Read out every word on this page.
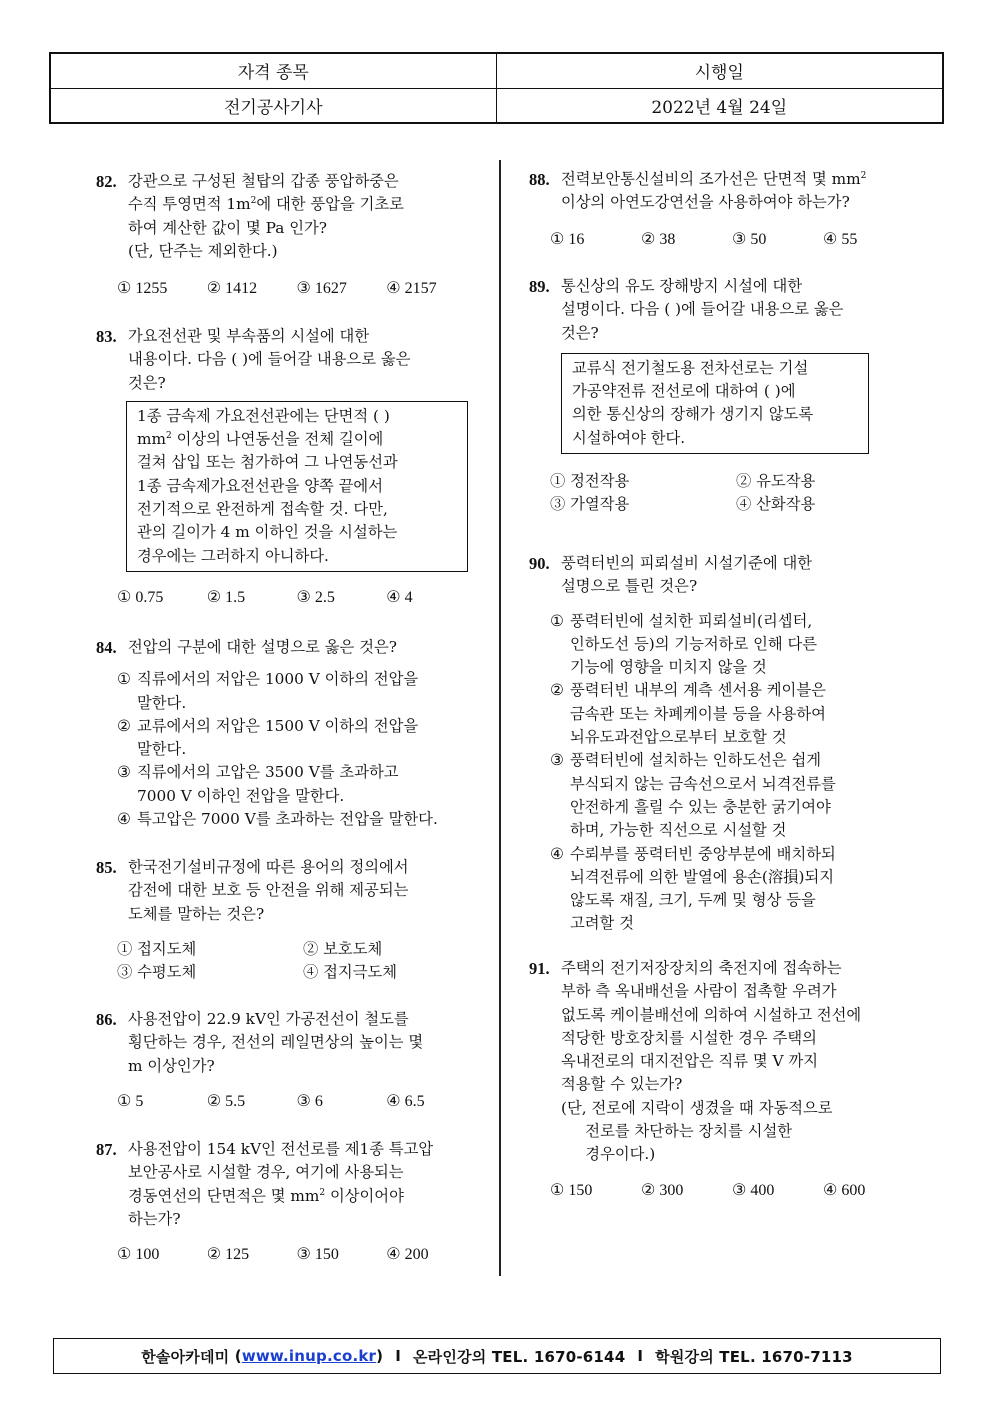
자격 종목	시행일
전기공사기사	2022년 4월 24일
82. 강관으로 구성된 철탑의 갑종 풍압하중은
수직 투영면적 $1m^2$에 대한 풍압을 기초로
하여 계산한 값이 몇 Pa 인가?
(단, 단주는 제외한다.)
① 1255	② 1412	③ 1627	④ 2157
83. 가요전선관 및 부속품의 시설에 대한
내용이다. 다음 ( )에 들어갈 내용으로 옳은
것은?
1종 금속제 가요전선관에는 단면적 ( )
$mm^2$ 이상의 나연동선을 전체 길이에
걸쳐 삽입 또는 첨가하여 그 나연동선과
1종 금속제가요전선관을 양쪽 끝에서
전기적으로 완전하게 접속할 것. 다만,
관의 길이가 4 m 이하인 것을 시설하는
경우에는 그러하지 아니하다.
① 0.75	② 1.5	③ 2.5	④ 4
84. 전압의 구분에 대한 설명으로 옳은 것은?
① 직류에서의 저압은 1000 V 이하의 전압을
말한다.
② 교류에서의 저압은 1500 V 이하의 전압을
말한다.
③ 직류에서의 고압은 3500 V를 초과하고
7000 V 이하인 전압을 말한다.
④ 특고압은 7000 V를 초과하는 전압을 말한다.
85. 한국전기설비규정에 따른 용어의 정의에서
감전에 대한 보호 등 안전을 위해 제공되는
도체를 말하는 것은?
① 접지도체	② 보호도체
③ 수평도체	④ 접지극도체
86. 사용전압이 22.9 kV인 가공전선이 철도를
횡단하는 경우, 전선의 레일면상의 높이는 몇
m 이상인가?
① 5	② 5.5	③ 6	④ 6.5
87. 사용전압이 154 kV인 전선로를 제1종 특고압
보안공사로 시설할 경우, 여기에 사용되는
경동연선의 단면적은 몇 $mm^2$ 이상이어야
하는가?
① 100	② 125	③ 150	④ 200
88. 전력보안통신설비의 조가선은 단면적 몇 $mm^2$
이상의 아연도강연선을 사용하여야 하는가?
① 16	② 38	③ 50	④ 55
89. 통신상의 유도 장해방지 시설에 대한
설명이다. 다음 ( )에 들어갈 내용으로 옳은
것은?
교류식 전기철도용 전차선로는 기설
가공약전류 전선로에 대하여 ( )에
의한 통신상의 장해가 생기지 않도록
시설하여야 한다.
① 정전작용	② 유도작용
③ 가열작용	④ 산화작용
90. 풍력터빈의 피뢰설비 시설기준에 대한
설명으로 틀린 것은?
① 풍력터빈에 설치한 피뢰설비(리셉터,
인하도선 등)의 기능저하로 인해 다른
기능에 영향을 미치지 않을 것
② 풍력터빈 내부의 계측 센서용 케이블은
금속관 또는 차폐케이블 등을 사용하여
뇌유도과전압으로부터 보호할 것
③ 풍력터빈에 설치하는 인하도선은 쉽게
부식되지 않는 금속선으로서 뇌격전류를
안전하게 흘릴 수 있는 충분한 굵기여야
하며, 가능한 직선으로 시설할 것
④ 수뢰부를 풍력터빈 중앙부분에 배치하되
뇌격전류에 의한 발열에 용손(溶損)되지
않도록 재질, 크기, 두께 및 형상 등을
고려할 것
91. 주택의 전기저장장치의 축전지에 접속하는
부하 측 옥내배선을 사람이 접촉할 우려가
없도록 케이블배선에 의하여 시설하고 전선에
적당한 방호장치를 시설한 경우 주택의
옥내전로의 대지전압은 직류 몇 V 까지
적용할 수 있는가?
(단, 전로에 지락이 생겼을 때 자동적으로
전로를 차단하는 장치를 시설한
경우이다.)
① 150	② 300	③ 400	④ 600
한솔아카데미 ( www.inup.co.kr ) I 온라인강의 TEL. 1670-6144 I 학원강의 TEL. 1670-7113
